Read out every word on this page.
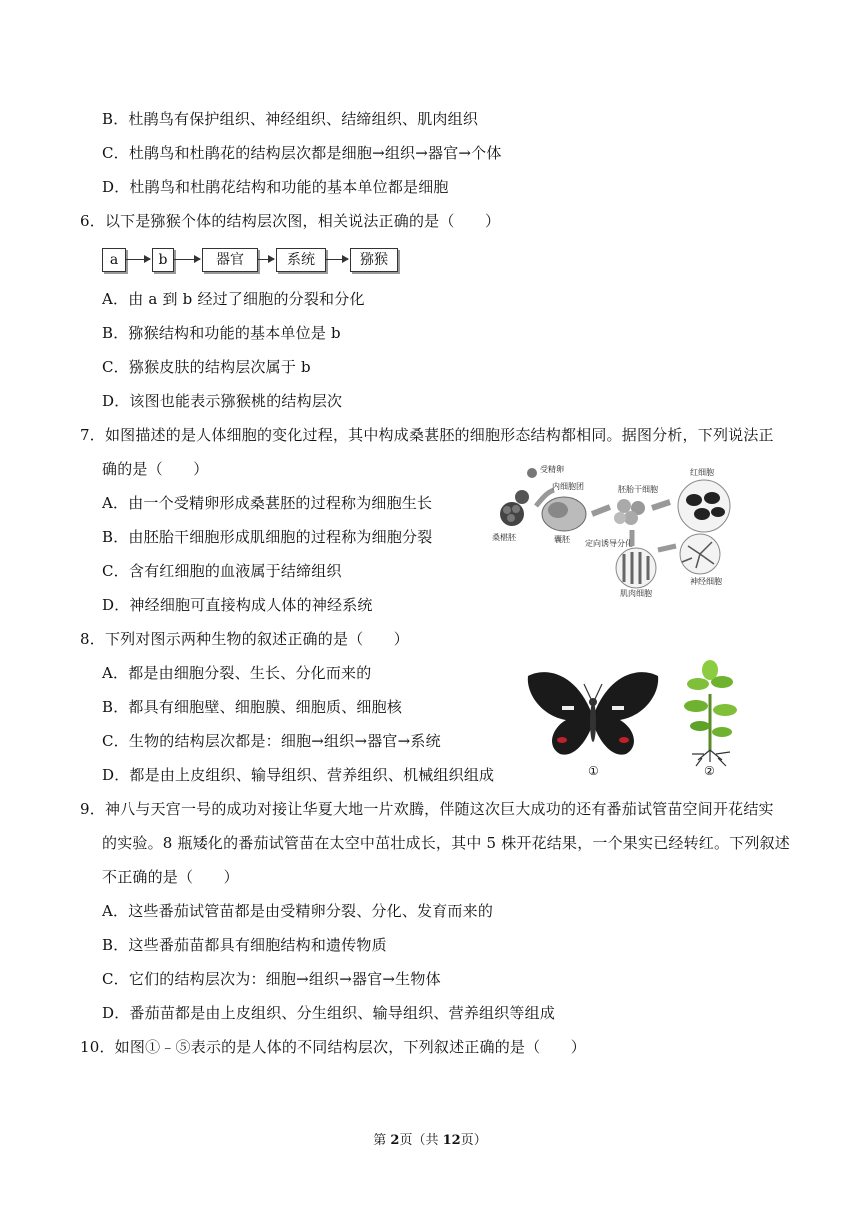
B．杜鹃鸟有保护组织、神经组织、结缔组织、肌肉组织
C．杜鹃鸟和杜鹃花的结构层次都是细胞→组织→器官→个体
D．杜鹃鸟和杜鹃花结构和功能的基本单位都是细胞
6．以下是猕猴个体的结构层次图，相关说法正确的是（　　）
a	b	器官	系统	猕猴
A．由 a 到 b 经过了细胞的分裂和分化
B．猕猴结构和功能的基本单位是 b
C．猕猴皮肤的结构层次属于 b
D．该图也能表示猕猴桃的结构层次
7．如图描述的是人体细胞的变化过程，其中构成桑葚胚的细胞形态结构都相同。据图分析，下列说法正
确的是（　　）
A．由一个受精卵形成桑葚胚的过程称为细胞生长
B．由胚胎干细胞形成肌细胞的过程称为细胞分裂
C．含有红细胞的血液属于结缔组织
D．神经细胞可直接构成人体的神经系统
受精卵
桑椹胚
内细胞团
囊胚
胚胎干细胞
红细胞
定向诱导分化
肌肉细胞
神经细胞
8．下列对图示两种生物的叙述正确的是（　　）
A．都是由细胞分裂、生长、分化而来的
B．都具有细胞壁、细胞膜、细胞质、细胞核
C．生物的结构层次都是：细胞→组织→器官→系统
D．都是由上皮组织、输导组织、营养组织、机械组织组成	①	②
9．神八与天宫一号的成功对接让华夏大地一片欢腾，伴随这次巨大成功的还有番茄试管苗空间开花结实
的实验。8 瓶矮化的番茄试管苗在太空中茁壮成长，其中 5 株开花结果，一个果实已经转红。下列叙述
不正确的是（　　）
A．这些番茄试管苗都是由受精卵分裂、分化、发育而来的
B．这些番茄苗都具有细胞结构和遗传物质
C．它们的结构层次为：细胞→组织→器官→生物体
D．番茄苗都是由上皮组织、分生组织、输导组织、营养组织等组成
10．如图①﹣⑤表示的是人体的不同结构层次，下列叙述正确的是（　　）
第 2页（共 12页）
